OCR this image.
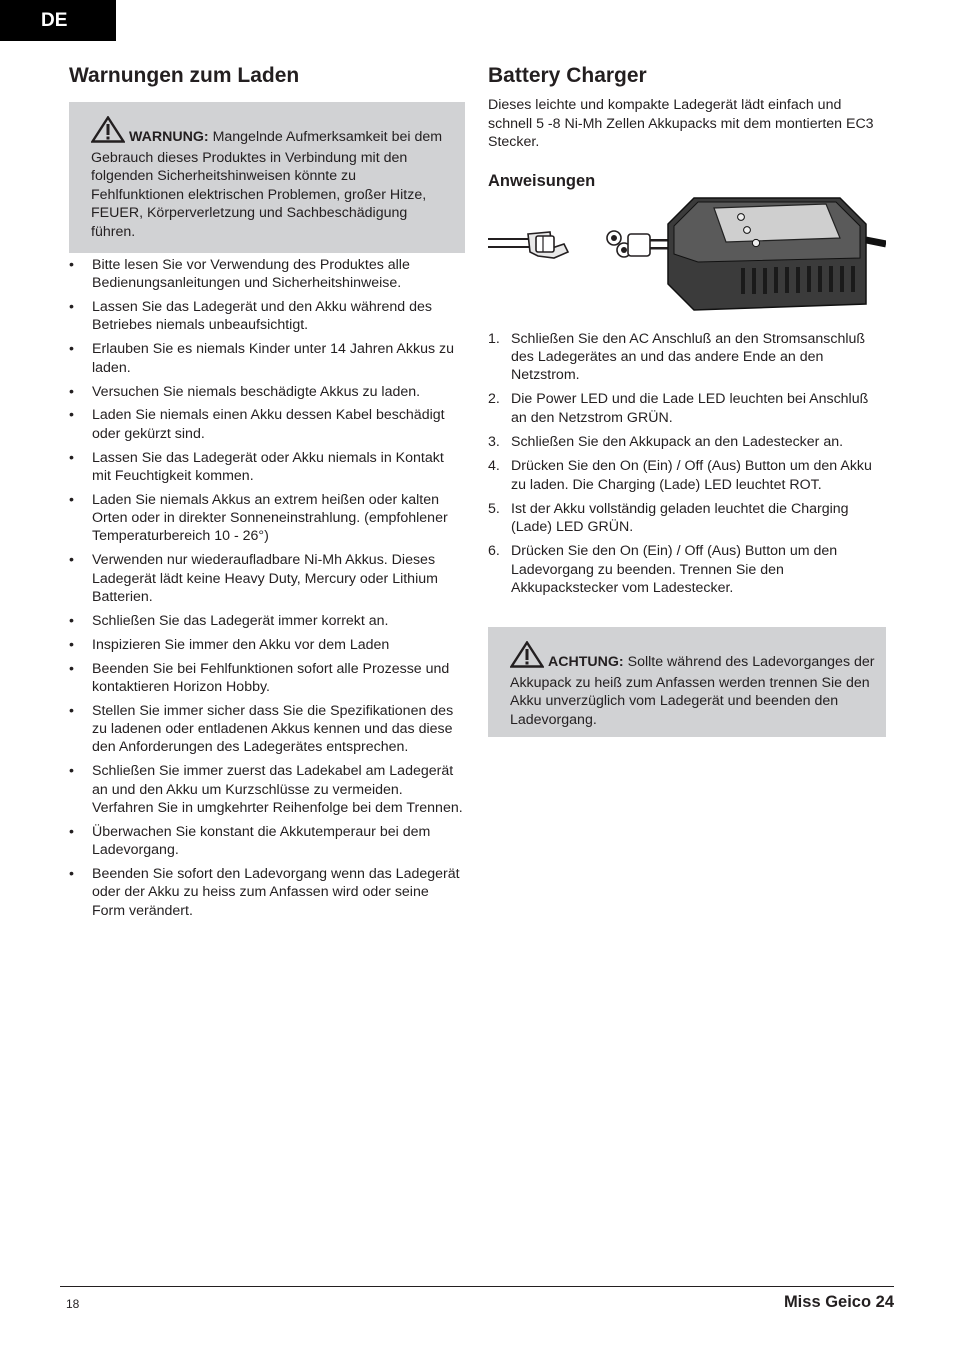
DE
Warnungen zum Laden
WARNUNG: Mangelnde Aufmerksamkeit bei dem Gebrauch dieses Produktes in Verbindung mit den folgenden Sicherheitshinweisen könnte zu Fehlfunktionen elektrischen Problemen, großer Hitze, FEUER, Körperverletzung und Sachbeschädigung führen.
• Bitte lesen Sie vor Verwendung des Produktes alle Bedienungsanleitungen und Sicherheitshinweise.
• Lassen Sie das Ladegerät und den Akku während des Betriebes niemals unbeaufsichtigt.
• Erlauben Sie es niemals Kinder unter 14 Jahren Akkus zu laden.
• Versuchen Sie niemals beschädigte Akkus zu laden.
• Laden Sie niemals einen Akku dessen Kabel beschädigt oder gekürzt sind.
• Lassen Sie das Ladegerät oder Akku niemals in Kontakt mit Feuchtigkeit kommen.
• Laden Sie niemals Akkus an extrem heißen oder kalten Orten oder in direkter Sonneneinstrahlung. (empfohlener Temperaturbereich 10 - 26°)
• Verwenden nur wiederaufladbare Ni-Mh Akkus. Dieses Ladegerät lädt keine Heavy Duty, Mercury oder Lithium Batterien.
• Schließen Sie das Ladegerät immer korrekt an.
• Inspizieren Sie immer den Akku vor dem Laden
• Beenden Sie bei Fehlfunktionen sofort alle Prozesse und kontaktieren Horizon Hobby.
• Stellen Sie immer sicher dass Sie die Spezifikationen des zu ladenen oder entladenen Akkus kennen und das diese den Anforderungen des Ladegerätes entsprechen.
• Schließen Sie immer zuerst das Ladekabel am Ladegerät an und den Akku um Kurzschlüsse zu vermeiden. Verfahren Sie in umgkehrter Reihenfolge bei dem Trennen.
• Überwachen Sie konstant die Akkutemperaur bei dem Ladevorgang.
• Beenden Sie sofort den Ladevorgang wenn das Ladegerät oder der Akku zu heiss zum Anfassen wird oder seine Form verändert.
Battery Charger

Dieses leichte und kompakte Ladegerät lädt einfach und schnell 5 -8 Ni-Mh Zellen Akkupacks mit dem montierten EC3 Stecker.

Anweisungen
1. Schließen Sie den AC Anschluß an den Stromsanschluß des Ladegerätes an und das andere Ende an den Netzstrom.
2. Die Power LED und die Lade LED leuchten bei Anschluß an den Netzstrom GRÜN.
3. Schließen Sie den Akkupack an den Ladestecker an.
4. Drücken Sie den On (Ein) / Off (Aus) Button um den Akku zu laden. Die Charging (Lade) LED leuchtet ROT.
5. Ist der Akku vollständig geladen leuchtet die Charging (Lade) LED GRÜN.
6. Drücken Sie den On (Ein) / Off (Aus) Button um den Ladevorgang zu beenden. Trennen Sie den Akkupackstecker vom Ladestecker.
ACHTUNG: Sollte während des Ladevorganges der Akkupack zu heiß zum Anfassen werden trennen Sie den Akku unverzüglich vom Ladegerät und beenden den Ladevorgang.
18	Miss Geico 24
